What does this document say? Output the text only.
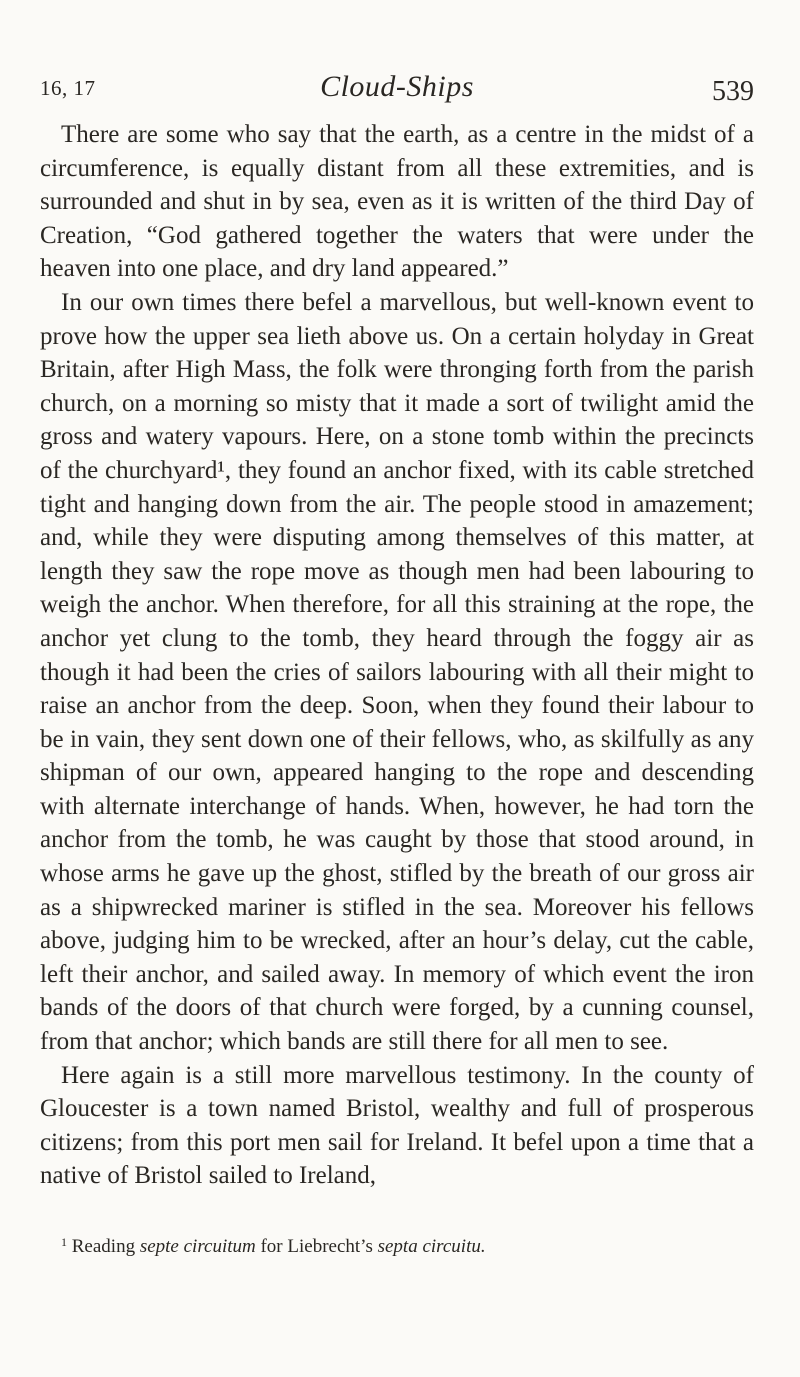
16, 17	Cloud-Ships	539

There are some who say that the earth, as a centre in the midst of a circumference, is equally distant from all these extremities, and is surrounded and shut in by sea, even as it is written of the third Day of Creation, “God gathered together the waters that were under the heaven into one place, and dry land appeared.”

In our own times there befel a marvellous, but well-known event to prove how the upper sea lieth above us. On a certain holyday in Great Britain, after High Mass, the folk were thronging forth from the parish church, on a morning so misty that it made a sort of twilight amid the gross and watery vapours. Here, on a stone tomb within the precincts of the churchyard¹, they found an anchor fixed, with its cable stretched tight and hanging down from the air. The people stood in amazement; and, while they were disputing among themselves of this matter, at length they saw the rope move as though men had been labouring to weigh the anchor. When therefore, for all this straining at the rope, the anchor yet clung to the tomb, they heard through the foggy air as though it had been the cries of sailors labouring with all their might to raise an anchor from the deep. Soon, when they found their labour to be in vain, they sent down one of their fellows, who, as skilfully as any shipman of our own, appeared hanging to the rope and descending with alternate interchange of hands. When, however, he had torn the anchor from the tomb, he was caught by those that stood around, in whose arms he gave up the ghost, stifled by the breath of our gross air as a shipwrecked mariner is stifled in the sea. Moreover his fellows above, judging him to be wrecked, after an hour’s delay, cut the cable, left their anchor, and sailed away. In memory of which event the iron bands of the doors of that church were forged, by a cunning counsel, from that anchor; which bands are still there for all men to see.

Here again is a still more marvellous testimony. In the county of Gloucester is a town named Bristol, wealthy and full of prosperous citizens; from this port men sail for Ireland. It befel upon a time that a native of Bristol sailed to Ireland,

$^1$ Reading septe circuitum for Liebrecht’s septa circuitu.
